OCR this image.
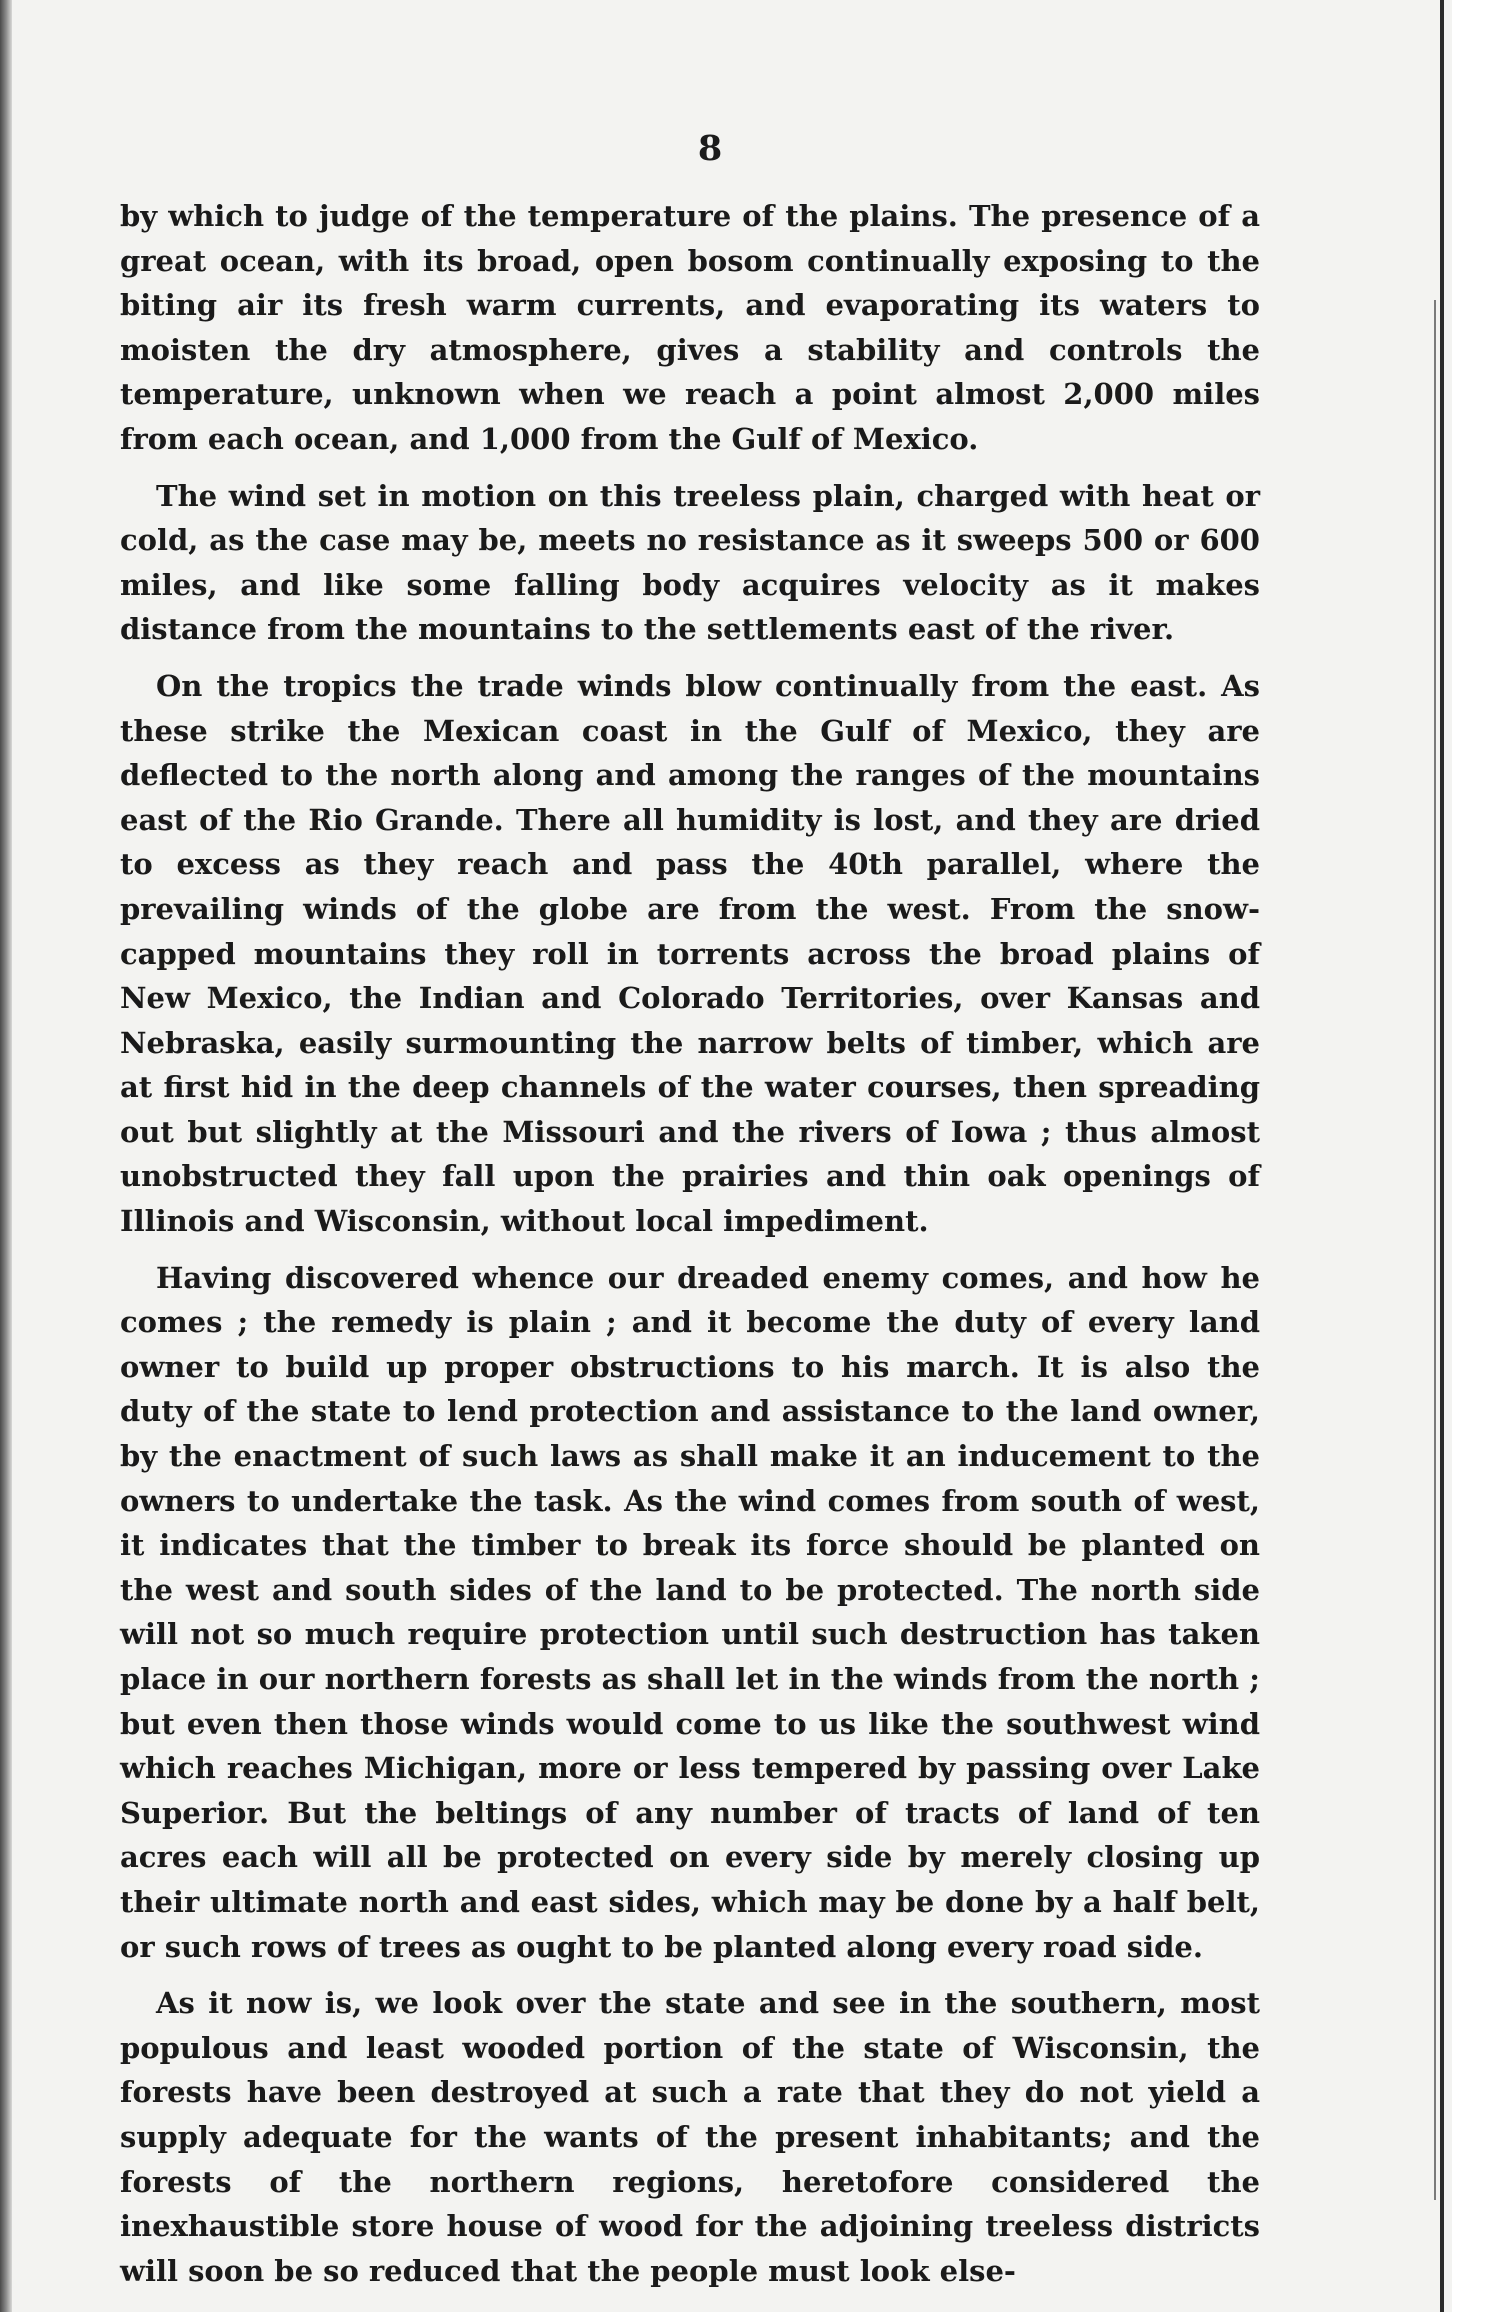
8

by which to judge of the temperature of the plains. The presence of a great ocean, with its broad, open bosom continually exposing to the biting air its fresh warm currents, and evaporating its waters to moisten the dry atmosphere, gives a stability and controls the temperature, unknown when we reach a point almost 2,000 miles from each ocean, and 1,000 from the Gulf of Mexico.

The wind set in motion on this treeless plain, charged with heat or cold, as the case may be, meets no resistance as it sweeps 500 or 600 miles, and like some falling body acquires velocity as it makes distance from the mountains to the settlements east of the river.

On the tropics the trade winds blow continually from the east. As these strike the Mexican coast in the Gulf of Mexico, they are deflected to the north along and among the ranges of the mountains east of the Rio Grande. There all humidity is lost, and they are dried to excess as they reach and pass the 40th parallel, where the prevailing winds of the globe are from the west. From the snow-capped mountains they roll in torrents across the broad plains of New Mexico, the Indian and Colorado Territories, over Kansas and Nebraska, easily surmounting the narrow belts of timber, which are at first hid in the deep channels of the water courses, then spreading out but slightly at the Missouri and the rivers of Iowa ; thus almost unobstructed they fall upon the prairies and thin oak openings of Illinois and Wisconsin, without local impediment.

Having discovered whence our dreaded enemy comes, and how he comes ; the remedy is plain ; and it become the duty of every land owner to build up proper obstructions to his march. It is also the duty of the state to lend protection and assistance to the land owner, by the enactment of such laws as shall make it an inducement to the owners to undertake the task. As the wind comes from south of west, it indicates that the timber to break its force should be planted on the west and south sides of the land to be protected. The north side will not so much require protection until such destruction has taken place in our northern forests as shall let in the winds from the north ; but even then those winds would come to us like the southwest wind which reaches Michigan, more or less tempered by passing over Lake Superior. But the beltings of any number of tracts of land of ten acres each will all be protected on every side by merely closing up their ultimate north and east sides, which may be done by a half belt, or such rows of trees as ought to be planted along every road side.

As it now is, we look over the state and see in the southern, most populous and least wooded portion of the state of Wisconsin, the forests have been destroyed at such a rate that they do not yield a supply adequate for the wants of the present inhabitants; and the forests of the northern regions, heretofore considered the inexhaustible store house of wood for the adjoining treeless districts will soon be so reduced that the people must look else-
